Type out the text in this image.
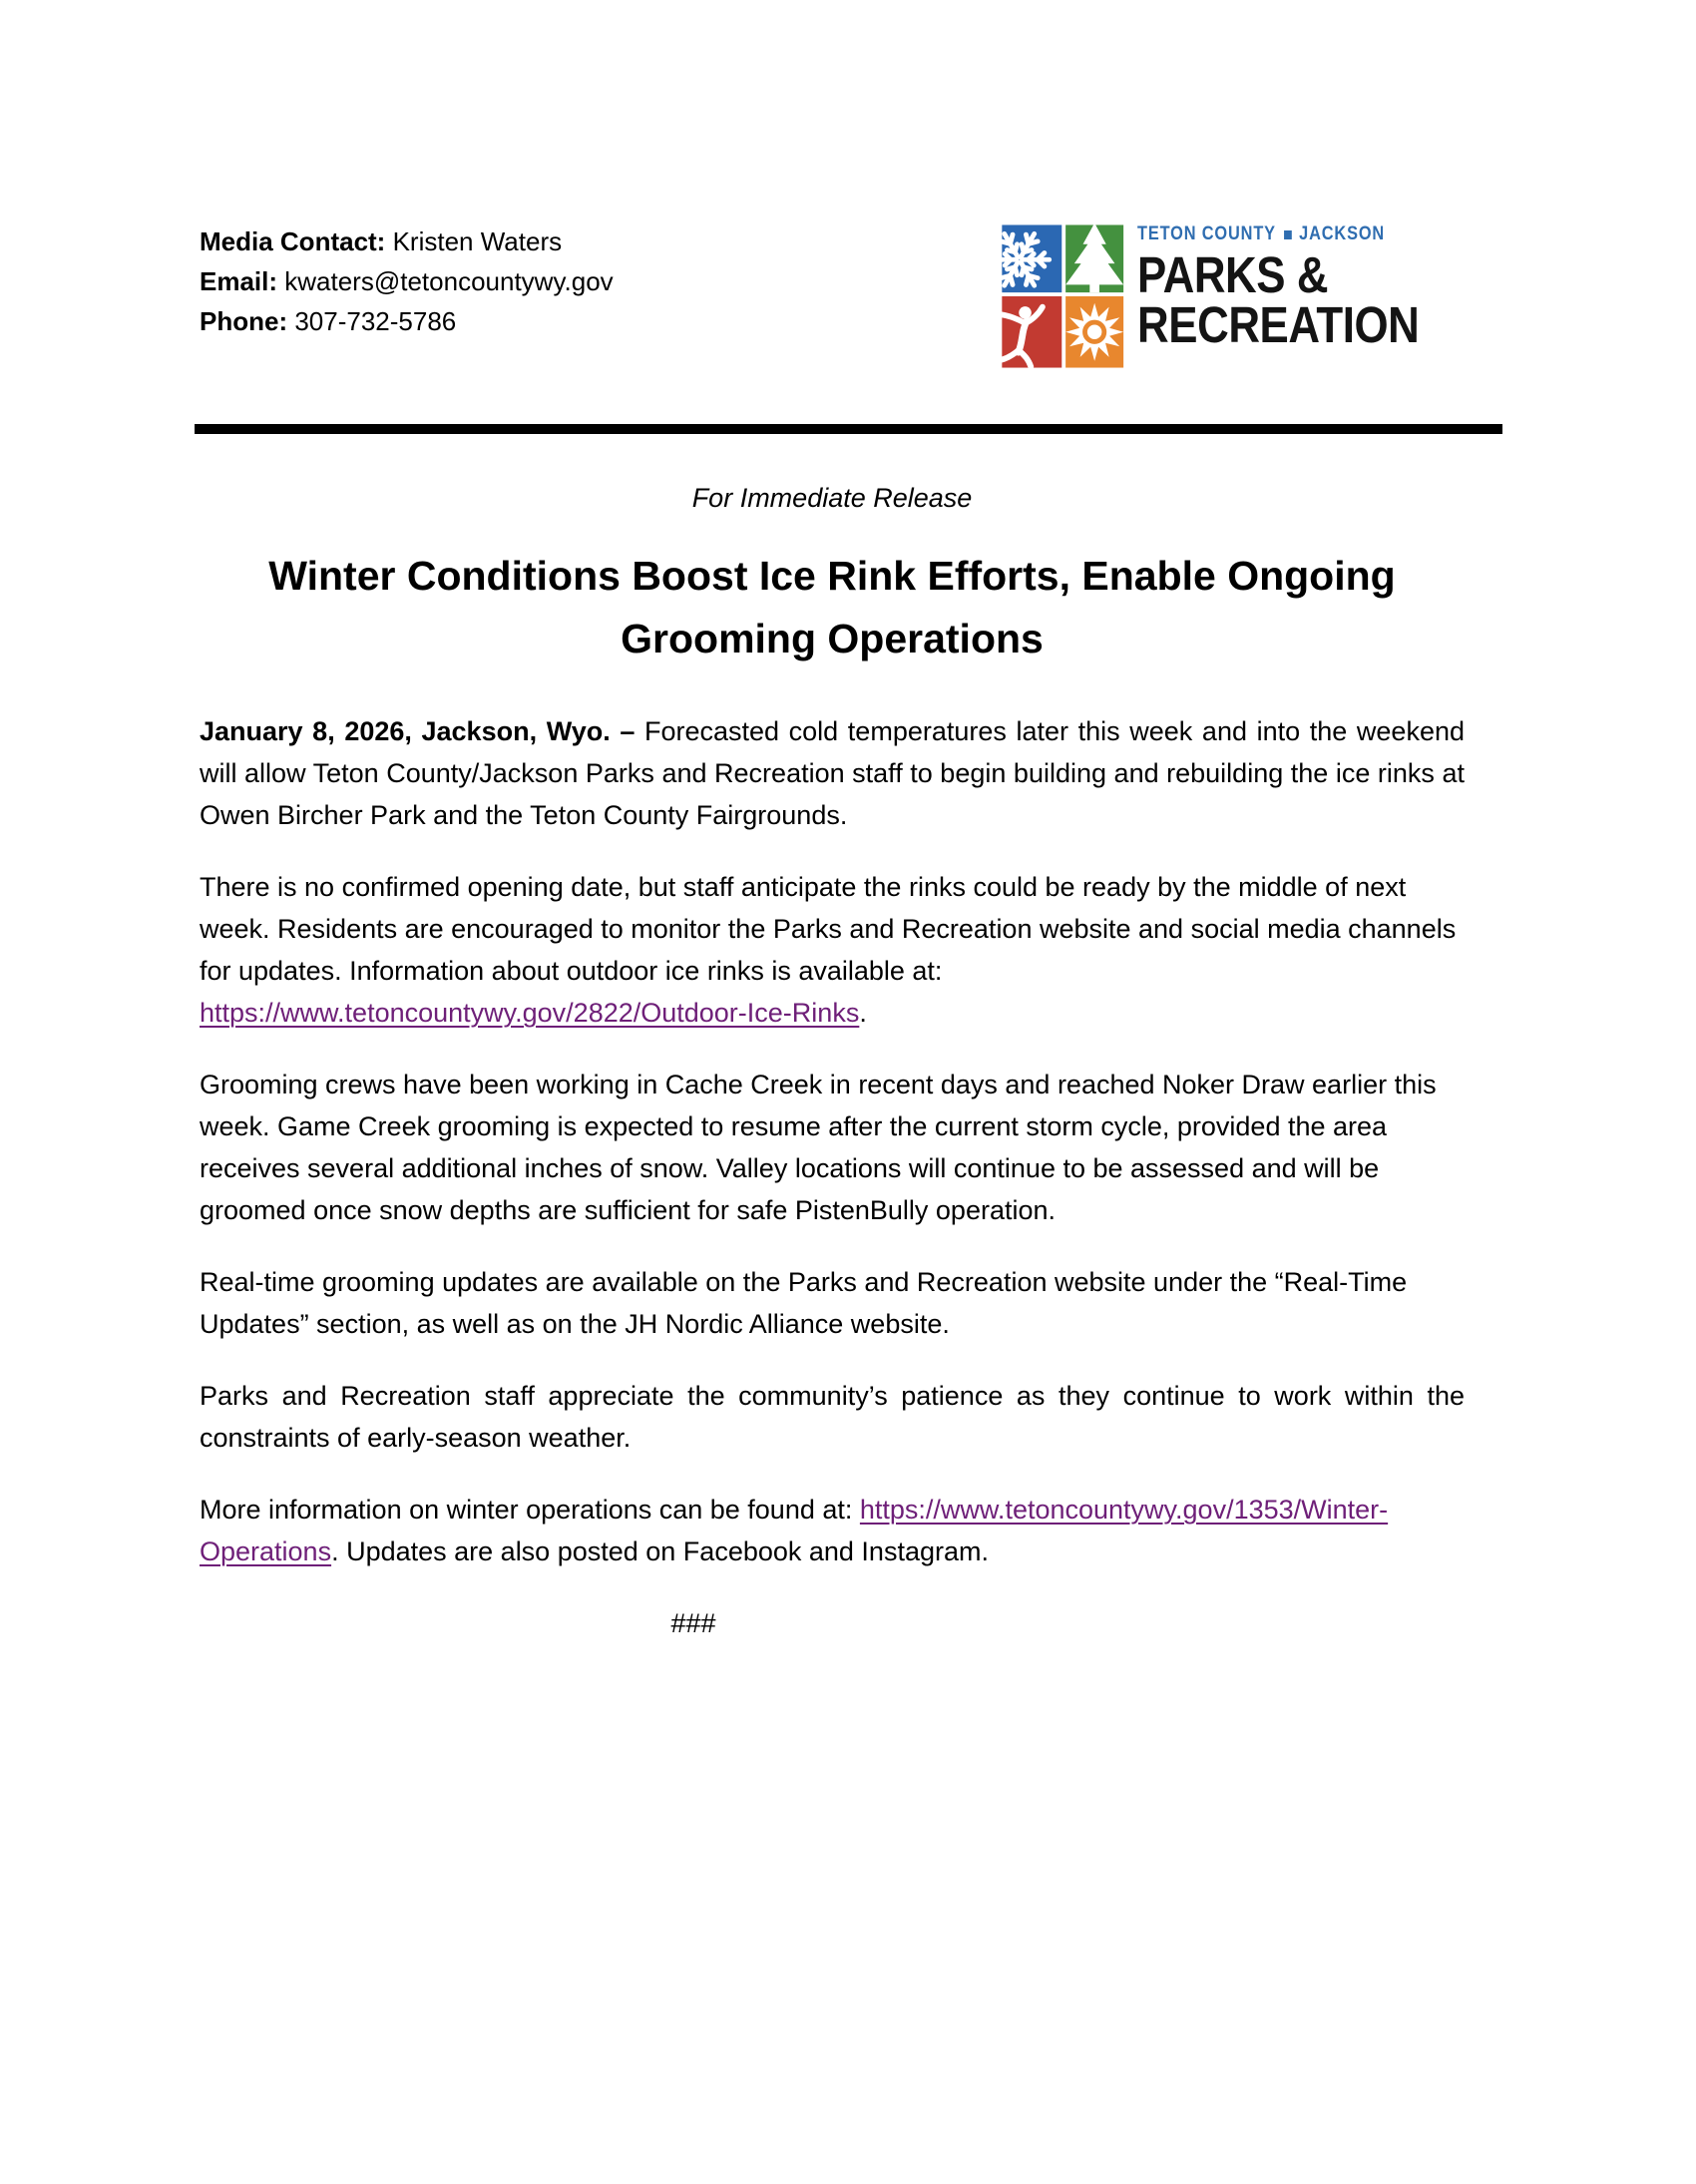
Media Contact: Kristen Waters

Email: kwaters@tetoncountywy.gov

Phone: 307-732-5786

TETON COUNTY JACKSON
PARKS &
RECREATION

For Immediate Release

Winter Conditions Boost Ice Rink Efforts, Enable Ongoing
Grooming Operations

January 8, 2026, Jackson, Wyo. – Forecasted cold temperatures later this week and into the weekend will allow Teton County/Jackson Parks and Recreation staff to begin building and rebuilding the ice rinks at Owen Bircher Park and the Teton County Fairgrounds.

There is no confirmed opening date, but staff anticipate the rinks could be ready by the middle of next week. Residents are encouraged to monitor the Parks and Recreation website and social media channels for updates. Information about outdoor ice rinks is available at: https://www.tetoncountywy.gov/2822/Outdoor-Ice-Rinks.

Grooming crews have been working in Cache Creek in recent days and reached Noker Draw earlier this week. Game Creek grooming is expected to resume after the current storm cycle, provided the area receives several additional inches of snow. Valley locations will continue to be assessed and will be groomed once snow depths are sufficient for safe PistenBully operation.

Real-time grooming updates are available on the Parks and Recreation website under the “Real-Time Updates” section, as well as on the JH Nordic Alliance website.

Parks and Recreation staff appreciate the community’s patience as they continue to work within the constraints of early-season weather.

More information on winter operations can be found at: https://www.tetoncountywy.gov/1353/Winter-Operations. Updates are also posted on Facebook and Instagram.

###
